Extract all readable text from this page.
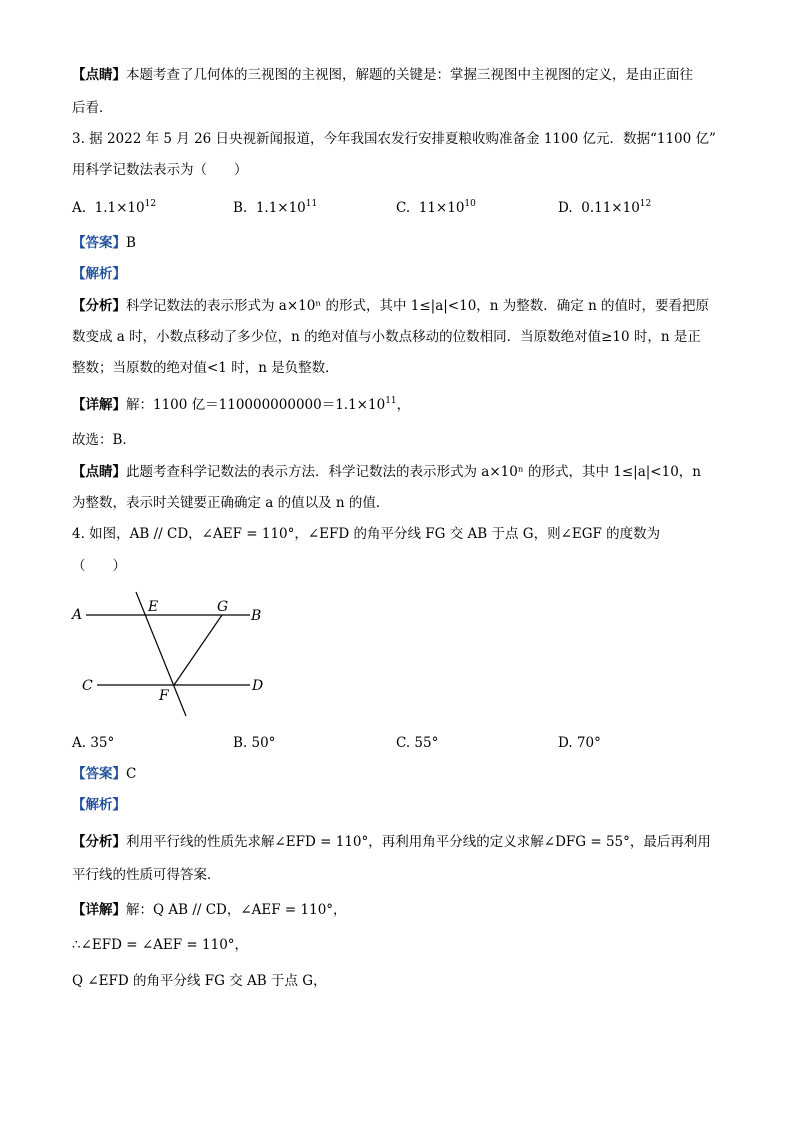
【点睛】本题考查了几何体的三视图的主视图，解题的关键是：掌握三视图中主视图的定义，是由正面往
后看．
3. 据 2022 年 5 月 26 日央视新闻报道，今年我国农发行安排夏粮收购准备金 1100 亿元．数据“1100 亿”
用科学记数法表示为（　　）
A. $1.1\times 10^{12}$	B. $1.1\times 10^{11}$	C. $11\times 10^{10}$	D. $0.11\times 10^{12}$
【答案】B
【解析】
【分析】科学记数法的表示形式为 a×10ⁿ 的形式，其中 1≤|a|<10，n 为整数．确定 n 的值时，要看把原
数变成 a 时，小数点移动了多少位，n 的绝对值与小数点移动的位数相同．当原数绝对值≥10 时，n 是正
整数；当原数的绝对值<1 时，n 是负整数．
【详解】解：1100 亿$=110000000000=1.1\times 10^{11}$，
故选：B．
【点睛】此题考查科学记数法的表示方法．科学记数法的表示形式为 a×10ⁿ 的形式，其中 1≤|a|<10，n
为整数，表示时关键要正确确定 a 的值以及 n 的值．
4. 如图，AB // CD，∠AEF = 110°，∠EFD 的角平分线 FG 交 AB 于点 G，则∠EGF 的度数为
（　　）
A	B
C	D
E
F
G
A. 35°	B. 50°	C. 55°	D. 70°
【答案】C
【解析】
【分析】利用平行线的性质先求解∠EFD = 110°，再利用角平分线的定义求解∠DFG = 55°，最后再利用
平行线的性质可得答案．
【详解】解：Q AB // CD，∠AEF = 110°，
∴∠EFD = ∠AEF = 110°，
Q ∠EFD 的角平分线 FG 交 AB 于点 G，
